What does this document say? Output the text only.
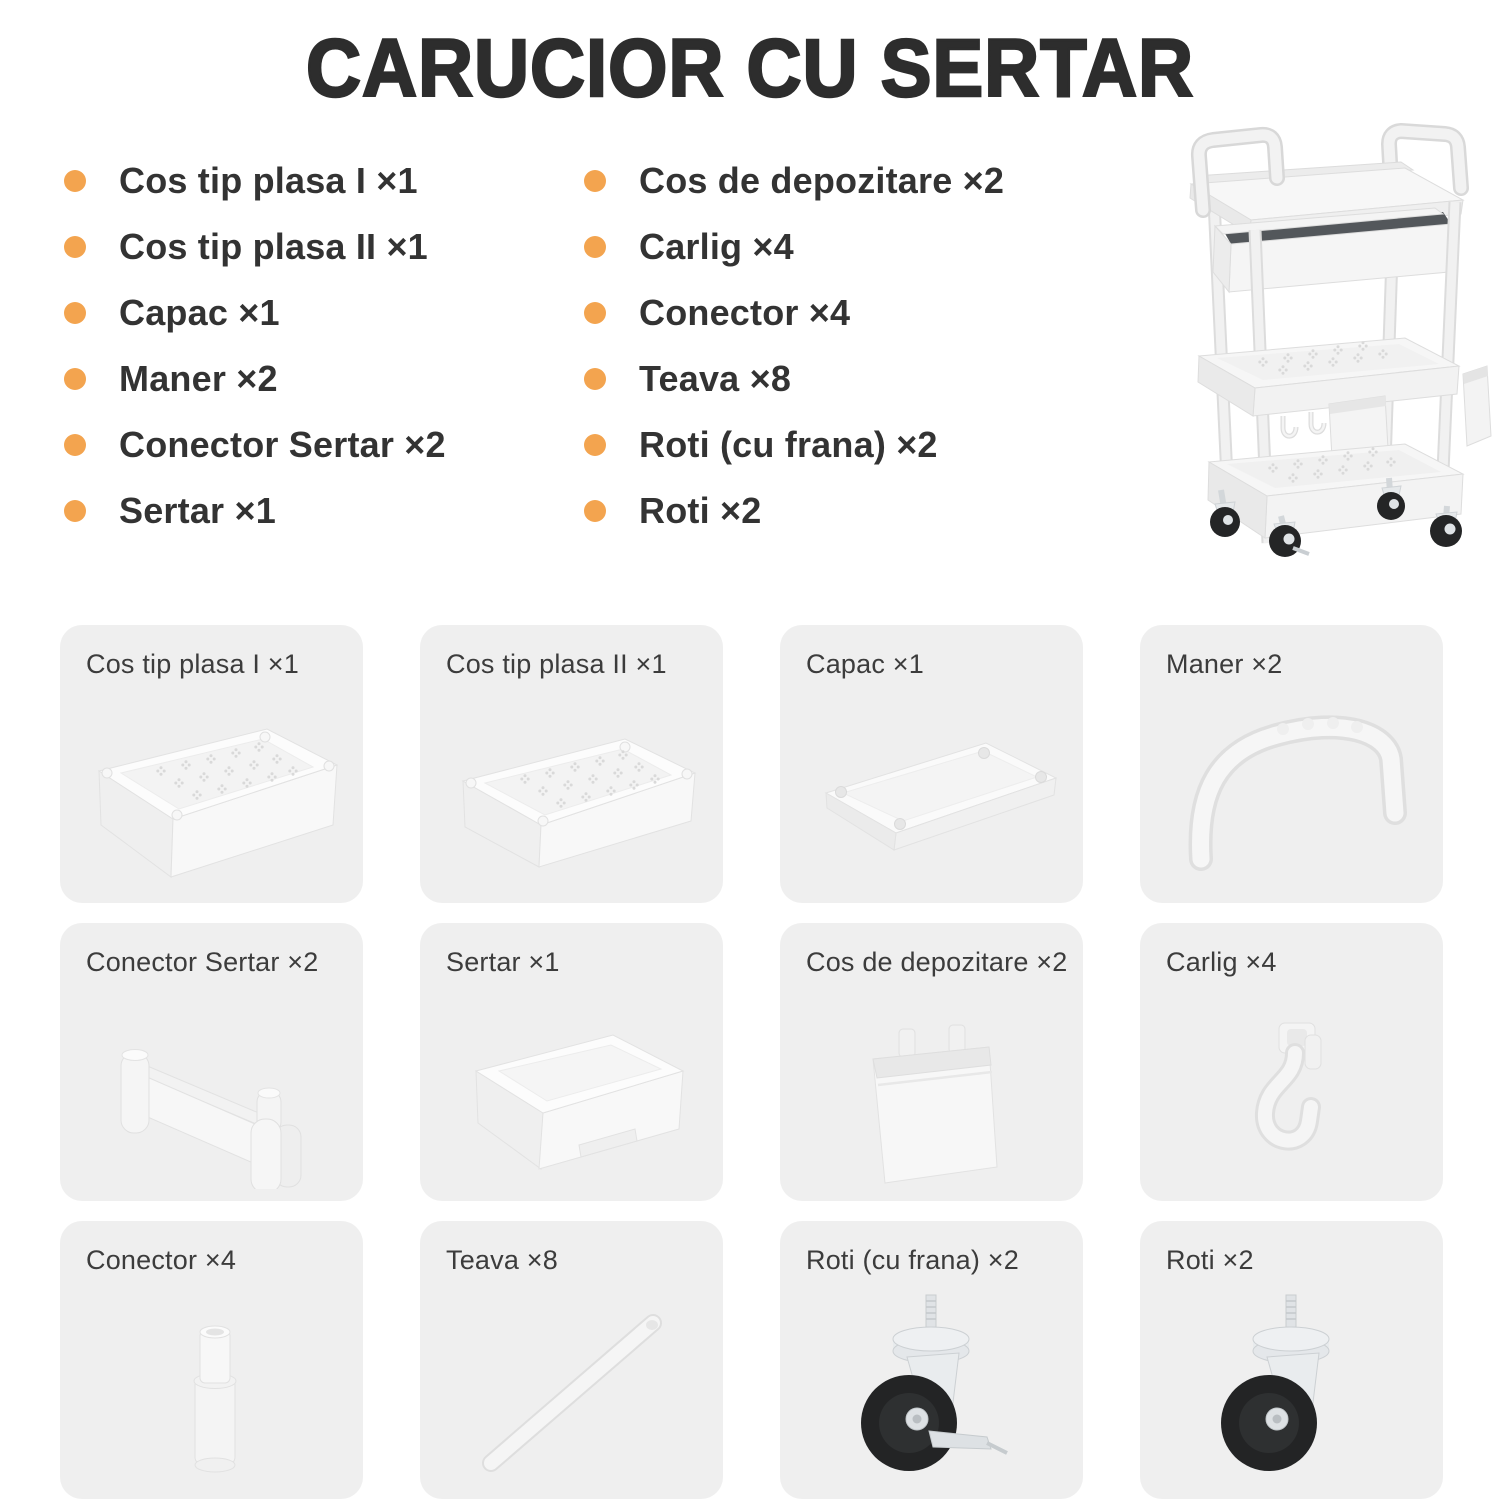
CARUCIOR CU SERTAR
Cos tip plasa I ×1
Cos tip plasa II ×1
Capac ×1
Maner ×2
Conector Sertar ×2
Sertar ×1
Cos de depozitare ×2
Carlig ×4
Conector ×4
Teava ×8
Roti (cu frana) ×2
Roti ×2
Cos tip plasa I ×1	Cos tip plasa II ×1	Capac ×1	Maner ×2
Conector Sertar ×2	Sertar ×1	Cos de depozitare ×2	Carlig ×4
Conector ×4	Teava ×8	Roti (cu frana) ×2	Roti ×2
